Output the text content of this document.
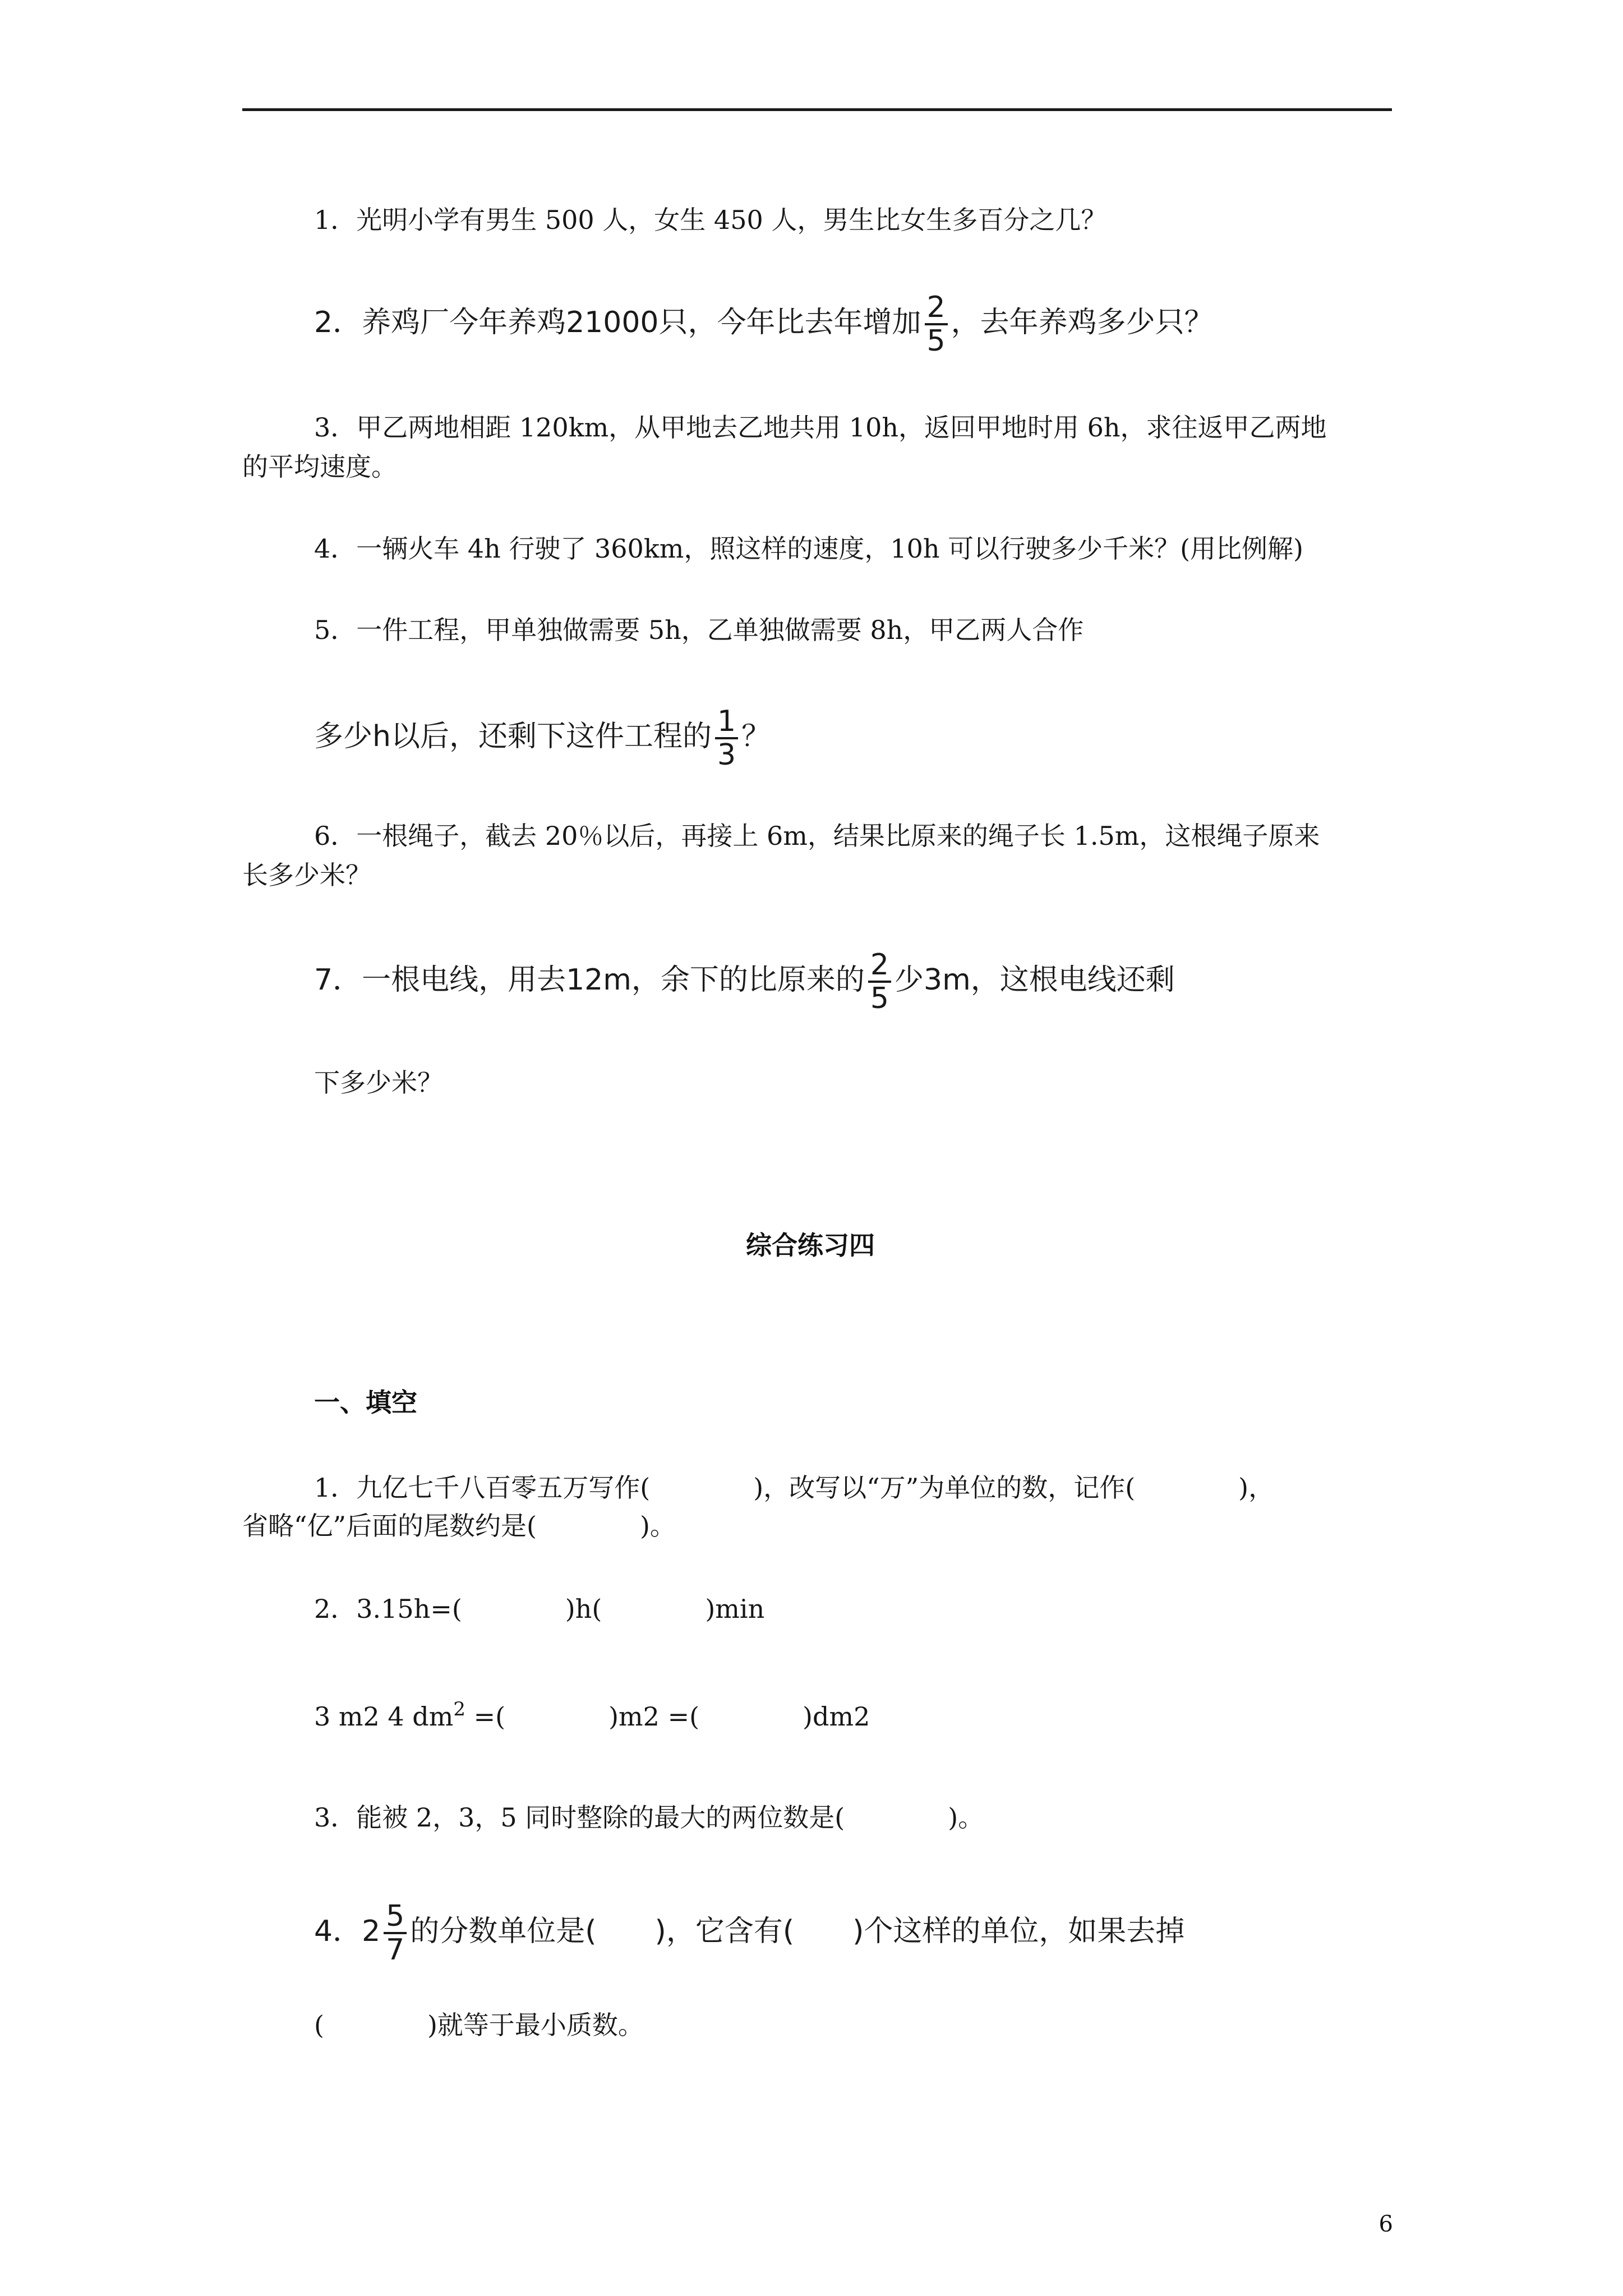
1．光明小学有男生 500 人，女生 450 人，男生比女生多百分之几？
2．养鸡厂今年养鸡21000只，今年比去年增加 $\frac{2}{5}$ ，去年养鸡多少只？
3．甲乙两地相距 120km，从甲地去乙地共用 10h，返回甲地时用 6h，求往返甲乙两地
的平均速度。
4．一辆火车 4h 行驶了 360km，照这样的速度，10h 可以行驶多少千米？(用比例解)
5．一件工程，甲单独做需要 5h，乙单独做需要 8h，甲乙两人合作
多少h以后，还剩下这件工程的 $\frac{1}{3}$ ？
6．一根绳子，截去 20％以后，再接上 6m，结果比原来的绳子长 1.5m，这根绳子原来
长多少米？
7．一根电线，用去12m，余下的比原来的 $\frac{2}{5}$ 少3m，这根电线还剩
下多少米？
综合练习四
一、填空
1．九亿七千八百零五万写作(　　　　)，改写以“万”为单位的数，记作(　　　　)，
省略“亿”后面的尾数约是(　　　　)。
2．3.15h=(　　　　)h(　　　　)min
3 m2 4 $dm^2$ =(　　　　)m2 =(　　　　)dm2
3．能被 2，3，5 同时整除的最大的两位数是(　　　　)。
4．$2 \frac{5}{7}$ 的分数单位是(　　)，它含有(　　)个这样的单位，如果去掉
(　　　　)就等于最小质数。
6
